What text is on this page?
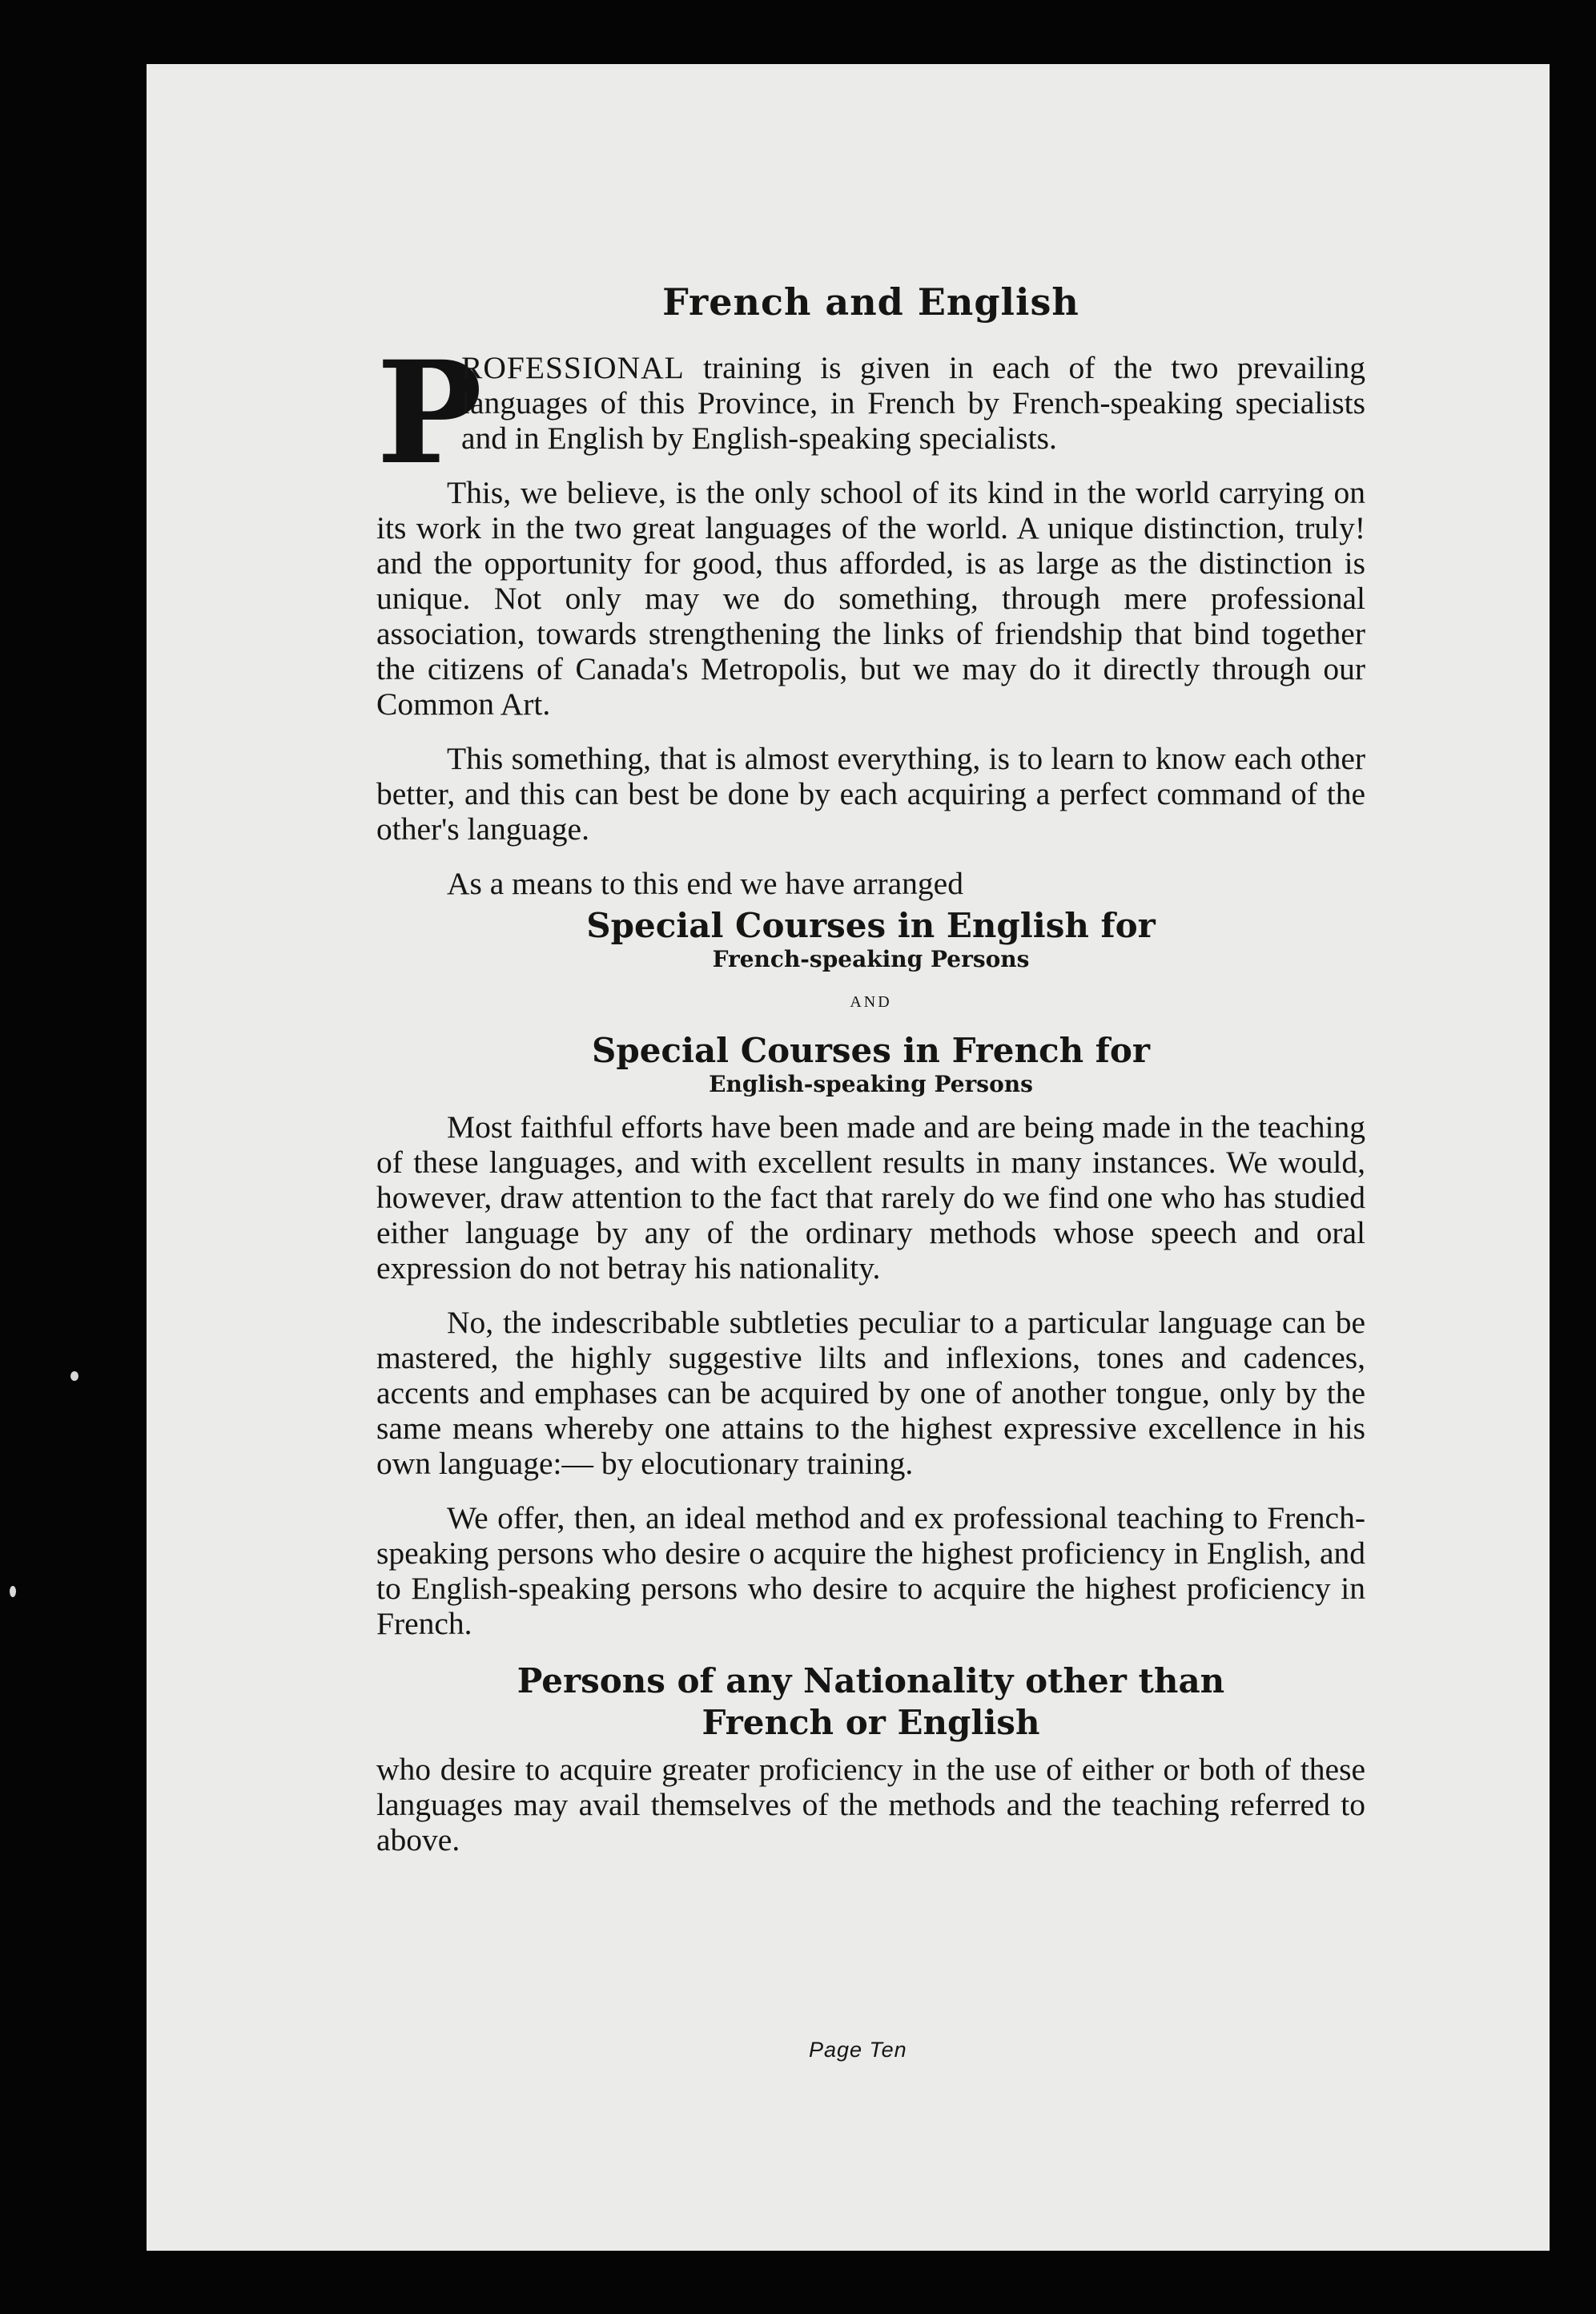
French and English

P
ROFESSIONAL training is given in each of the two prevailing languages of this Province, in French by French-speaking specialists and in English by English-speaking specialists.

This, we believe, is the only school of its kind in the world carrying on its work in the two great languages of the world. A unique distinction, truly! and the opportunity for good, thus afforded, is as large as the distinction is unique. Not only may we do something, through mere professional association, towards strengthening the links of friendship that bind together the citizens of Canada's Metropolis, but we may do it directly through our Common Art.

This something, that is almost everything, is to learn to know each other better, and this can best be done by each acquiring a perfect command of the other's language.

As a means to this end we have arranged

Special Courses in English for
French-speaking Persons
AND
Special Courses in French for
English-speaking Persons

Most faithful efforts have been made and are being made in the teaching of these languages, and with excellent results in many instances. We would, however, draw attention to the fact that rarely do we find one who has studied either language by any of the ordinary methods whose speech and oral expression do not betray his nationality.

No, the indescribable subtleties peculiar to a particular language can be mastered, the highly suggestive lilts and inflexions, tones and cadences, accents and emphases can be acquired by one of another tongue, only by the same means whereby one attains to the highest expressive excellence in his own language:— by elocutionary training.

We offer, then, an ideal method and ex professional teaching to French-speaking persons who desire o acquire the highest proficiency in English, and to English-speaking persons who desire to acquire the highest proficiency in French.

Persons of any Nationality other than
French or English

who desire to acquire greater proficiency in the use of either or both of these languages may avail themselves of the methods and the teaching referred to above.

Page Ten
